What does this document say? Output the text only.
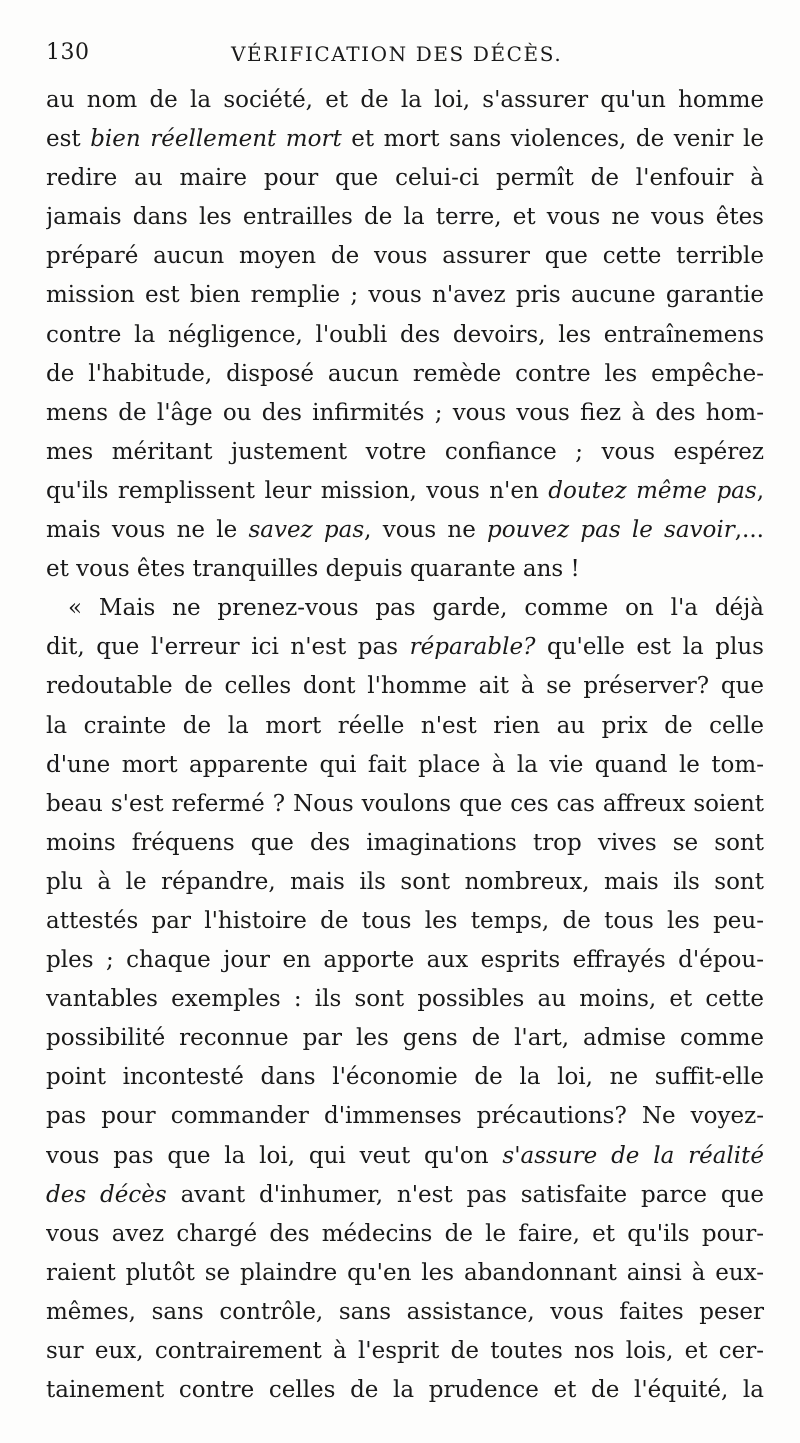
130	VÉRIFICATION DES DÉCÈS.
au nom de la société, et de la loi, s'assurer qu'un homme
est bien réellement mort et mort sans violences, de venir le
redire au maire pour que celui-ci permît de l'enfouir à
jamais dans les entrailles de la terre, et vous ne vous êtes
préparé aucun moyen de vous assurer que cette terrible
mission est bien remplie ; vous n'avez pris aucune garantie
contre la négligence, l'oubli des devoirs, les entraînemens
de l'habitude, disposé aucun remède contre les empêche-
mens de l'âge ou des infirmités ; vous vous fiez à des hom-
mes méritant justement votre confiance ; vous espérez
qu'ils remplissent leur mission, vous n'en doutez même pas,
mais vous ne le savez pas, vous ne pouvez pas le savoir,...
et vous êtes tranquilles depuis quarante ans !
« Mais ne prenez-vous pas garde, comme on l'a déjà
dit, que l'erreur ici n'est pas réparable? qu'elle est la plus
redoutable de celles dont l'homme ait à se préserver? que
la crainte de la mort réelle n'est rien au prix de celle
d'une mort apparente qui fait place à la vie quand le tom-
beau s'est refermé ? Nous voulons que ces cas affreux soient
moins fréquens que des imaginations trop vives se sont
plu à le répandre, mais ils sont nombreux, mais ils sont
attestés par l'histoire de tous les temps, de tous les peu-
ples ; chaque jour en apporte aux esprits effrayés d'épou-
vantables exemples : ils sont possibles au moins, et cette
possibilité reconnue par les gens de l'art, admise comme
point incontesté dans l'économie de la loi, ne suffit-elle
pas pour commander d'immenses précautions? Ne voyez-
vous pas que la loi, qui veut qu'on s'assure de la réalité
des décès avant d'inhumer, n'est pas satisfaite parce que
vous avez chargé des médecins de le faire, et qu'ils pour-
raient plutôt se plaindre qu'en les abandonnant ainsi à eux-
mêmes, sans contrôle, sans assistance, vous faites peser
sur eux, contrairement à l'esprit de toutes nos lois, et cer-
tainement contre celles de la prudence et de l'équité, la
